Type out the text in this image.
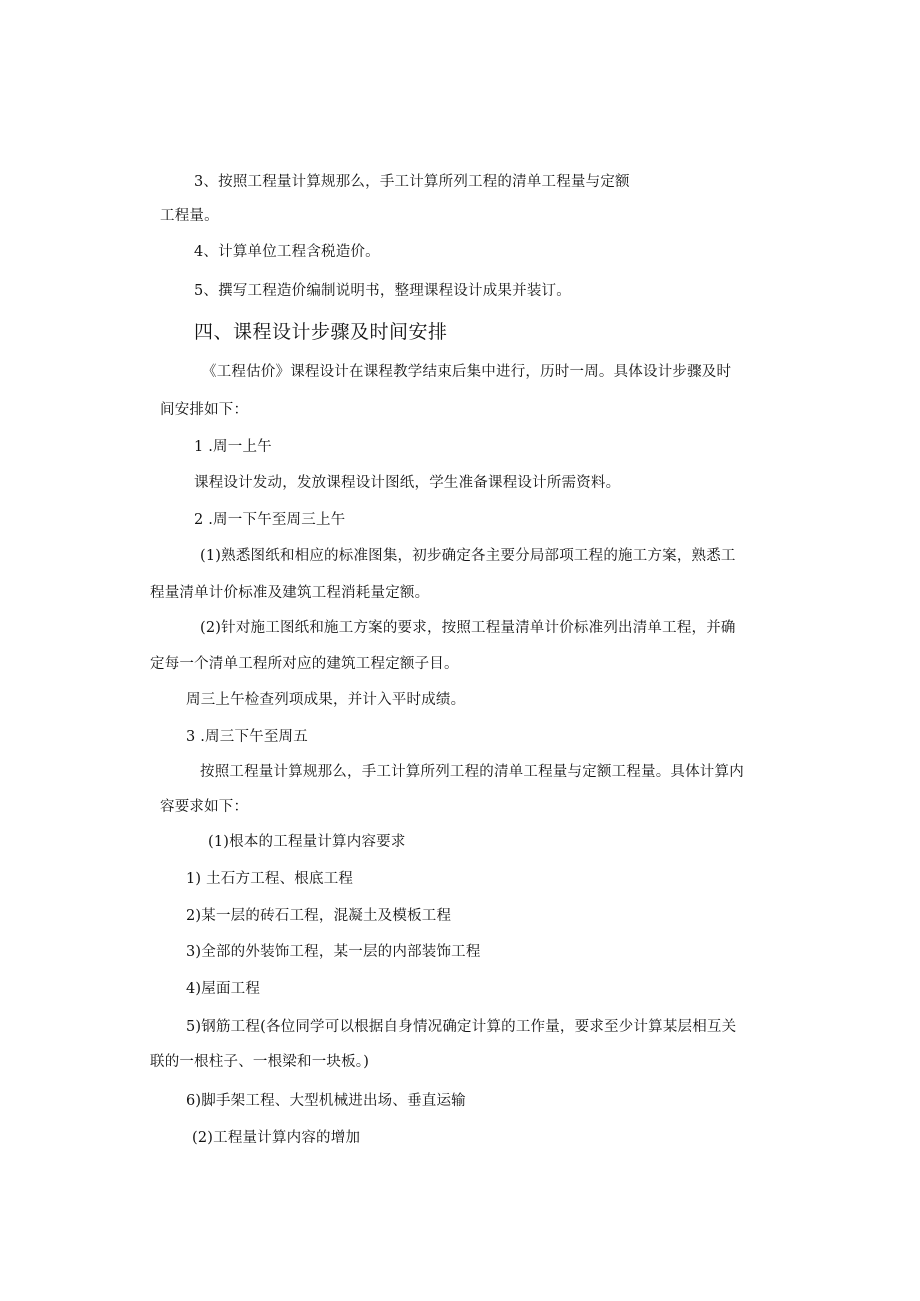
3、按照工程量计算规那么，手工计算所列工程的清单工程量与定额
工程量。
4、计算单位工程含税造价。
5、撰写工程造价编制说明书，整理课程设计成果并装订。
四、课程设计步骤及时间安排
《工程估价》课程设计在课程教学结束后集中进行，历时一周。具体设计步骤及时
间安排如下：
1 .周一上午
课程设计发动，发放课程设计图纸，学生准备课程设计所需资料。
2 .周一下午至周三上午
(1)熟悉图纸和相应的标准图集，初步确定各主要分局部项工程的施工方案，熟悉工
程量清单计价标准及建筑工程消耗量定额。
(2)针对施工图纸和施工方案的要求，按照工程量清单计价标准列出清单工程，并确
定每一个清单工程所对应的建筑工程定额子目。
周三上午检查列项成果，并计入平时成绩。
3 .周三下午至周五
按照工程量计算规那么，手工计算所列工程的清单工程量与定额工程量。具体计算内
容要求如下：
(1)根本的工程量计算内容要求
1) 土石方工程、根底工程
2)某一层的砖石工程，混凝土及模板工程
3)全部的外装饰工程，某一层的内部装饰工程
4)屋面工程
5)钢筋工程(各位同学可以根据自身情况确定计算的工作量，要求至少计算某层相互关
联的一根柱子、一根梁和一块板。)
6)脚手架工程、大型机械进出场、垂直运输
(2)工程量计算内容的增加
